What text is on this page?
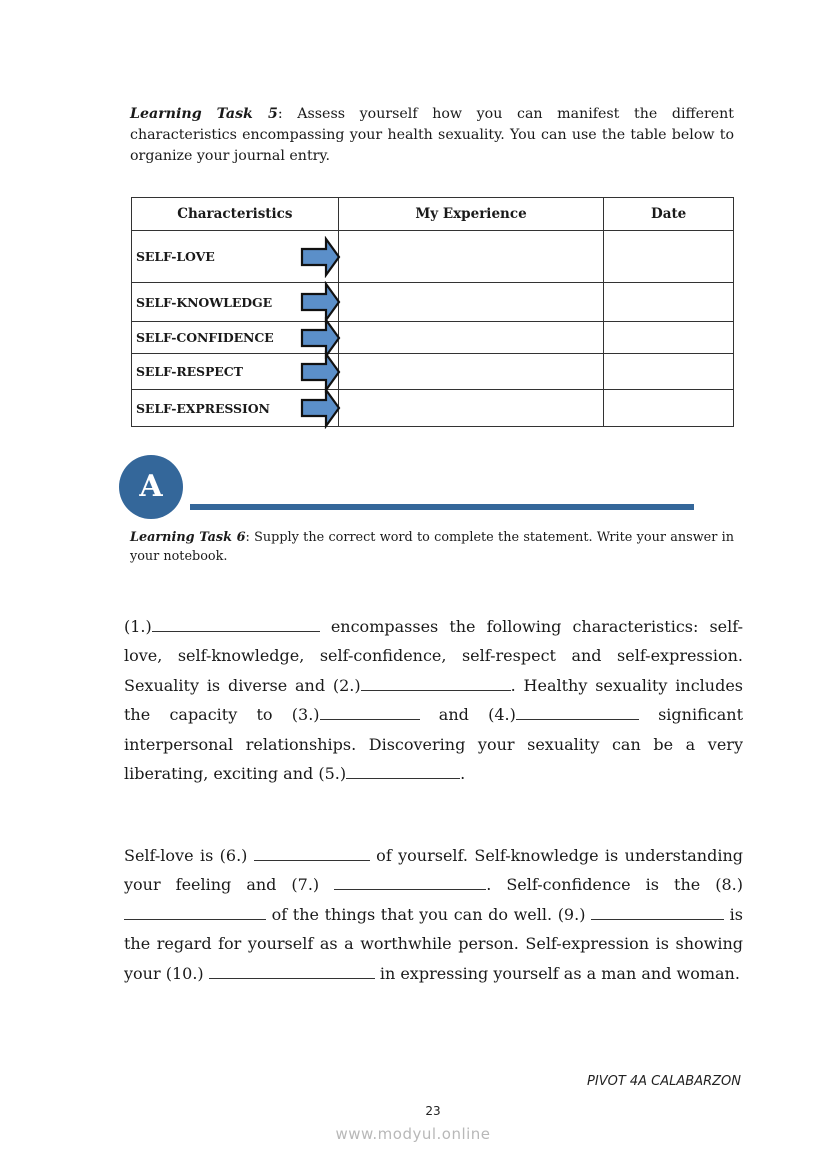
Learning Task 5: Assess yourself how you can manifest the different characteristics encompassing your health sexuality. You can use the table below to organize your journal entry.
Characteristics	My Experience	Date
SELF-LOVE

SELF-KNOWLEDGE

SELF-CONFIDENCE

SELF-RESPECT

SELF-EXPRESSION

A
Learning Task 6: Supply the correct word to complete the statement. Write your answer in your notebook.
(1.)	encompasses the following characteristics: self-love, self-knowledge, self-confidence, self-respect and self-expression. Sexuality is diverse and (2.)	. Healthy sexuality includes the capacity to (3.)	and (4.)	significant interpersonal relationships. Discovering your sexuality can be a very liberating, exciting and (5.)	.
Self-love is (6.)	of yourself. Self-knowledge is understanding your feeling and (7.)	. Self-confidence is the (8.) of the things that you can do well. (9.)	is the regard for yourself as a worthwhile person. Self-expression is showing your (10.)	in expressing yourself as a man and woman.
PIVOT 4A CALABARZON
23
www.modyul.online
